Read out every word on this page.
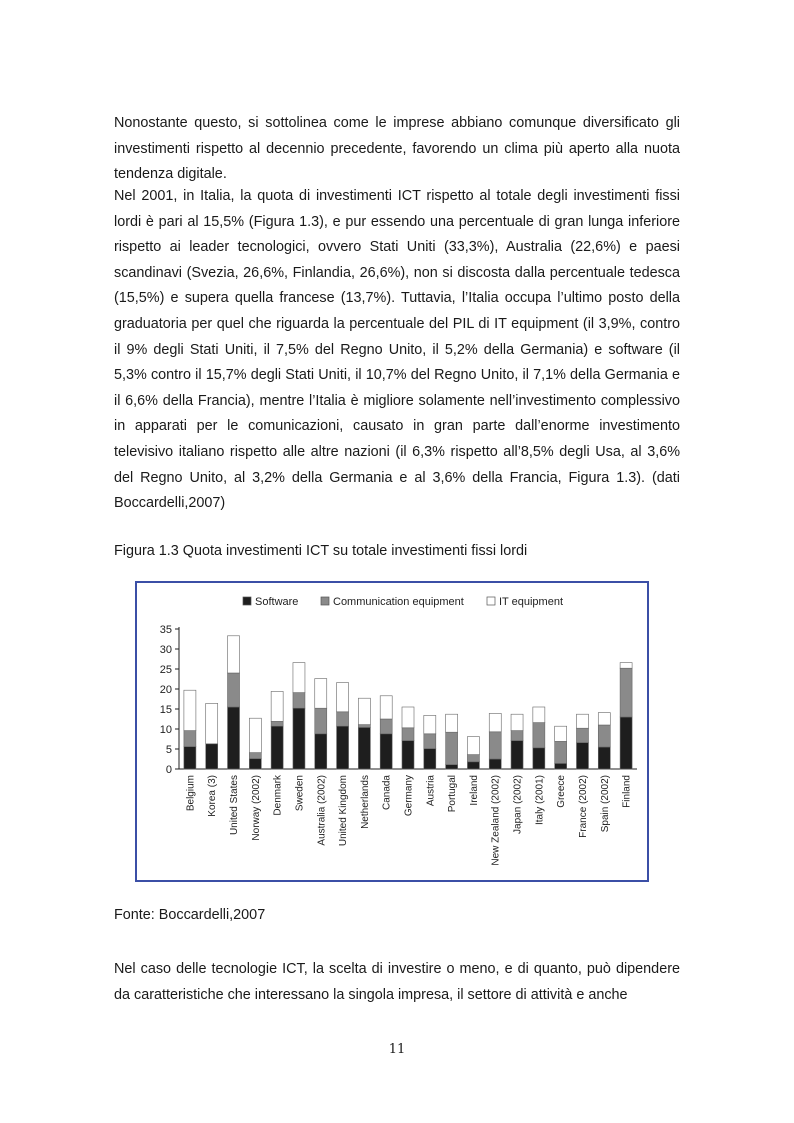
Nonostante questo, si sottolinea come le imprese abbiano comunque diversificato gli investimenti rispetto al decennio precedente, favorendo un clima più aperto alla nuota tendenza digitale.

Nel 2001, in Italia, la quota di investimenti ICT rispetto al totale degli investimenti fissi lordi è pari al 15,5% (Figura 1.3), e pur essendo una percentuale di gran lunga inferiore rispetto ai leader tecnologici, ovvero Stati Uniti (33,3%), Australia (22,6%) e paesi scandinavi (Svezia, 26,6%, Finlandia, 26,6%), non si discosta dalla percentuale tedesca (15,5%) e supera quella francese (13,7%). Tuttavia, l’Italia occupa l’ultimo posto della graduatoria per quel che riguarda la percentuale del PIL di IT equipment (il 3,9%, contro il 9% degli Stati Uniti, il 7,5% del Regno Unito, il 5,2% della Germania) e software (il 5,3% contro il 15,7% degli Stati Uniti, il 10,7% del Regno Unito, il 7,1% della Germania e il 6,6% della Francia), mentre l’Italia è migliore solamente nell’investimento complessivo in apparati per le comunicazioni, causato in gran parte dall’enorme investimento televisivo italiano rispetto alle altre nazioni (il 6,3% rispetto all’8,5% degli Usa, al 3,6% del Regno Unito, al 3,2% della Germania e al 3,6% della Francia, Figura 1.3). (dati Boccardelli,2007)

Figura 1.3 Quota investimenti ICT su totale investimenti fissi lordi

Software	Communication equipment	IT equipment
0
5
10
15
20
25
30
35
Belgium Korea (3) United States Norway (2002) Denmark Sweden Australia (2002) United Kingdom Netherlands Canada Germany Austria Portugal Ireland New Zealand (2002) Japan (2002) Italy (2001) Greece France (2002) Spain (2002) Finland

Fonte: Boccardelli,2007

Nel caso delle tecnologie ICT, la scelta di investire o meno, e di quanto, può dipendere da caratteristiche che interessano la singola impresa, il settore di attività e anche

11
